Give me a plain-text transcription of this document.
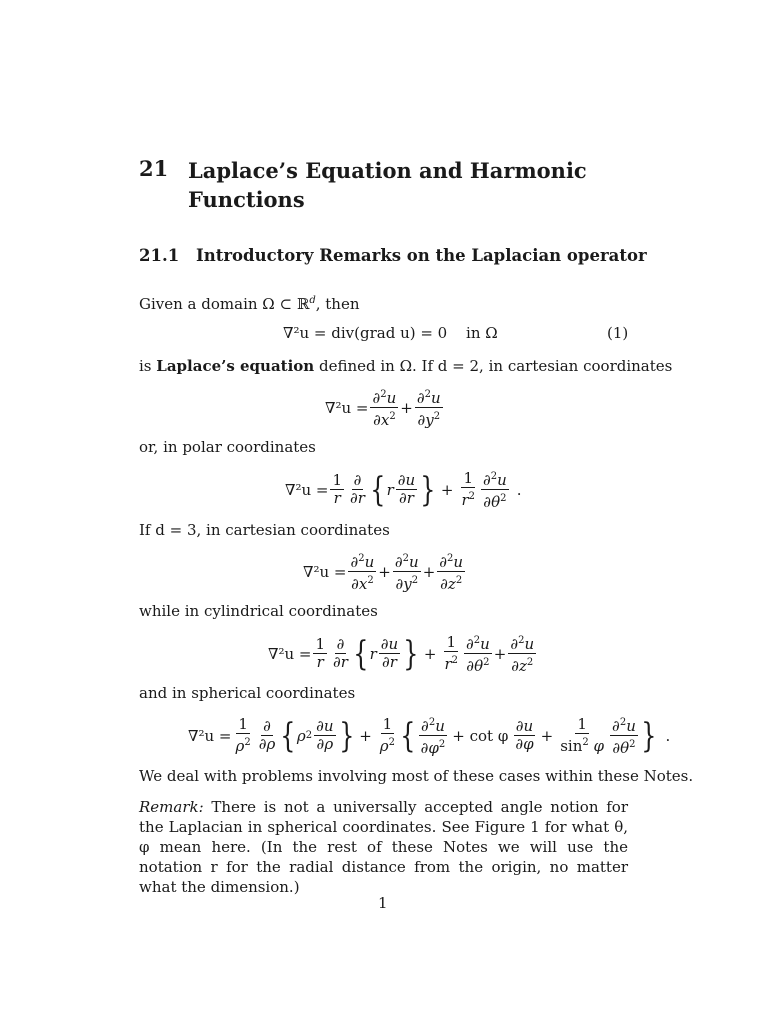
21 Laplace’s Equation and Harmonic Functions
21.1 Introductory Remarks on the Laplacian operator
Given a domain Ω ⊂ ℝ$^d$, then
∇²u = div(grad u) = 0 in Ω	(1)
is Laplace’s equation defined in Ω. If d = 2, in cartesian coordinates
$\nabla^2u = \frac{\partial^2u}{\partial x^2} + \frac{\partial^2u}{\partial y^2}$
or, in polar coordinates
$\nabla^2u = \frac{1}{r} \frac{\partial}{\partial r}$ { r $\frac{\partial u}{\partial r}$ } + $\frac{1}{r^2} \frac{\partial^2u}{\partial\theta^2}$ .
If d = 3, in cartesian coordinates
$\nabla^2u = \frac{\partial^2u}{\partial x^2} + \frac{\partial^2u}{\partial y^2} + \frac{\partial^2u}{\partial z^2}$
while in cylindrical coordinates
$\nabla^2u = \frac{1}{r} \frac{\partial}{\partial r}$ { r $\frac{\partial u}{\partial r}$ } + $\frac{1}{r^2} \frac{\partial^2u}{\partial\theta^2} + \frac{\partial^2u}{\partial z^2}$
and in spherical coordinates
$\nabla^2u = \frac{1}{\rho^2} \frac{\partial}{\partial\rho}$ { ρ $2 \frac{\partial u}{\partial\rho}$ } + $\frac{1}{\rho^2}$ { $\frac{\partial^2u}{\partial\varphi^2} + \cot \varphi \frac{\partial u}{\partial\varphi} + \frac{1}{\sin^2 \varphi} \frac{\partial^2u}{\partial\theta^2}$ } .
We deal with problems involving most of these cases within these Notes.
Remark: There is not a universally accepted angle notion for the Laplacian in spherical coordinates. See Figure 1 for what θ, φ mean here. (In the rest of these Notes we will use the notation r for the radial distance from the origin, no matter what the dimension.)
1
